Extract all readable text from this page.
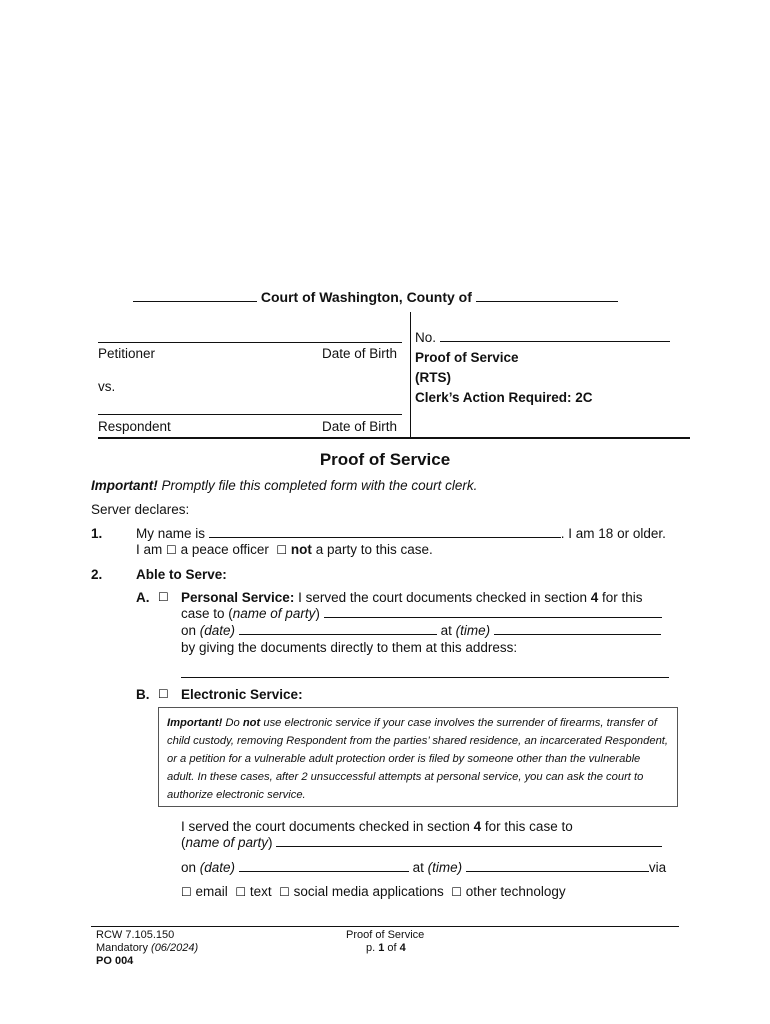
Court of Washington, County of
Petitioner	Date of Birth
vs.
Respondent	Date of Birth
No.
Proof of Service
(RTS)
Clerk’s Action Required: 2C
Proof of Service
Important! Promptly file this completed form with the court clerk.
Server declares:
1. My name is	. I am 18 or older.
I am ☐ a peace officer ☐ not a party to this case.
2. Able to Serve:
A. ☐ Personal Service: I served the court documents checked in section 4 for this
case to (name of party)
on (date)	at (time)
by giving the documents directly to them at this address:
B. ☐ Electronic Service:
Important! Do not use electronic service if your case involves the surrender of firearms, transfer of child custody, removing Respondent from the parties’ shared residence, an incarcerated Respondent, or a petition for a vulnerable adult protection order is filed by someone other than the vulnerable adult. In these cases, after 2 unsuccessful attempts at personal service, you can ask the court to authorize electronic service.
I served the court documents checked in section 4 for this case to
(name of party)
on (date)	at (time)	via
☐ email ☐ text ☐ social media applications ☐ other technology
RCW 7.105.150
Mandatory (06/2024)
PO 004
Proof of Service
p. 1 of 4
